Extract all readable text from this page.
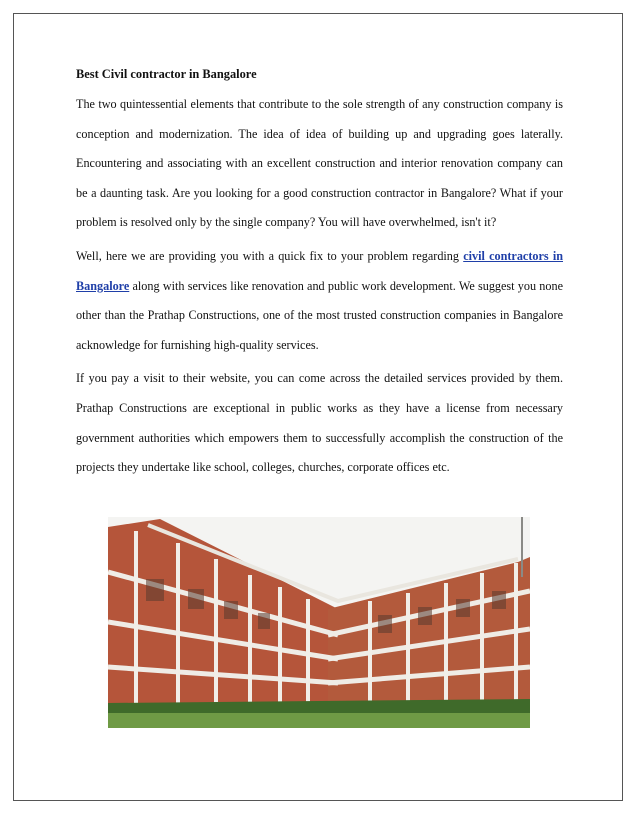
Best Civil contractor in Bangalore

The two quintessential elements that contribute to the sole strength of any construction company is conception and modernization. The idea of idea of building up and upgrading goes laterally. Encountering and associating with an excellent construction and interior renovation company can be a daunting task. Are you looking for a good construction contractor in Bangalore? What if your problem is resolved only by the single company? You will have overwhelmed, isn't it?

Well, here we are providing you with a quick fix to your problem regarding civil contractors in Bangalore along with services like renovation and public work development. We suggest you none other than the Prathap Constructions, one of the most trusted construction companies in Bangalore acknowledge for furnishing high-quality services.

If you pay a visit to their website, you can come across the detailed services provided by them. Prathap Constructions are exceptional in public works as they have a license from necessary government authorities which empowers them to successfully accomplish the construction of the projects they undertake like school, colleges, churches, corporate offices etc.
